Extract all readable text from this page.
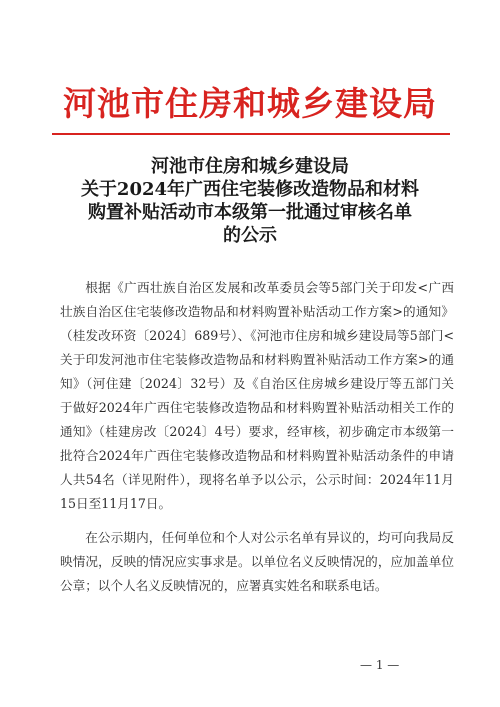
河池市住房和城乡建设局
河池市住房和城乡建设局
关于2024年广西住宅装修改造物品和材料
购置补贴活动市本级第一批通过审核名单
的公示

根据《广西壮族自治区发展和改革委员会等5部门关于印发<广西壮族自治区住宅装修改造物品和材料购置补贴活动工作方案>的通知》（桂发改环资〔2024〕689号）、《河池市住房和城乡建设局等5部门<关于印发河池市住宅装修改造物品和材料购置补贴活动工作方案>的通知》（河住建〔2024〕32号）及《自治区住房城乡建设厅等五部门关于做好2024年广西住宅装修改造物品和材料购置补贴活动相关工作的通知》（桂建房改〔2024〕4号）要求，经审核，初步确定市本级第一批符合2024年广西住宅装修改造物品和材料购置补贴活动条件的申请人共54名（详见附件），现将名单予以公示，公示时间：2024年11月15日至11月17日。

在公示期内，任何单位和个人对公示名单有异议的，均可向我局反映情况，反映的情况应实事求是。以单位名义反映情况的，应加盖单位公章；以个人名义反映情况的，应署真实姓名和联系电话。

— 1 —
